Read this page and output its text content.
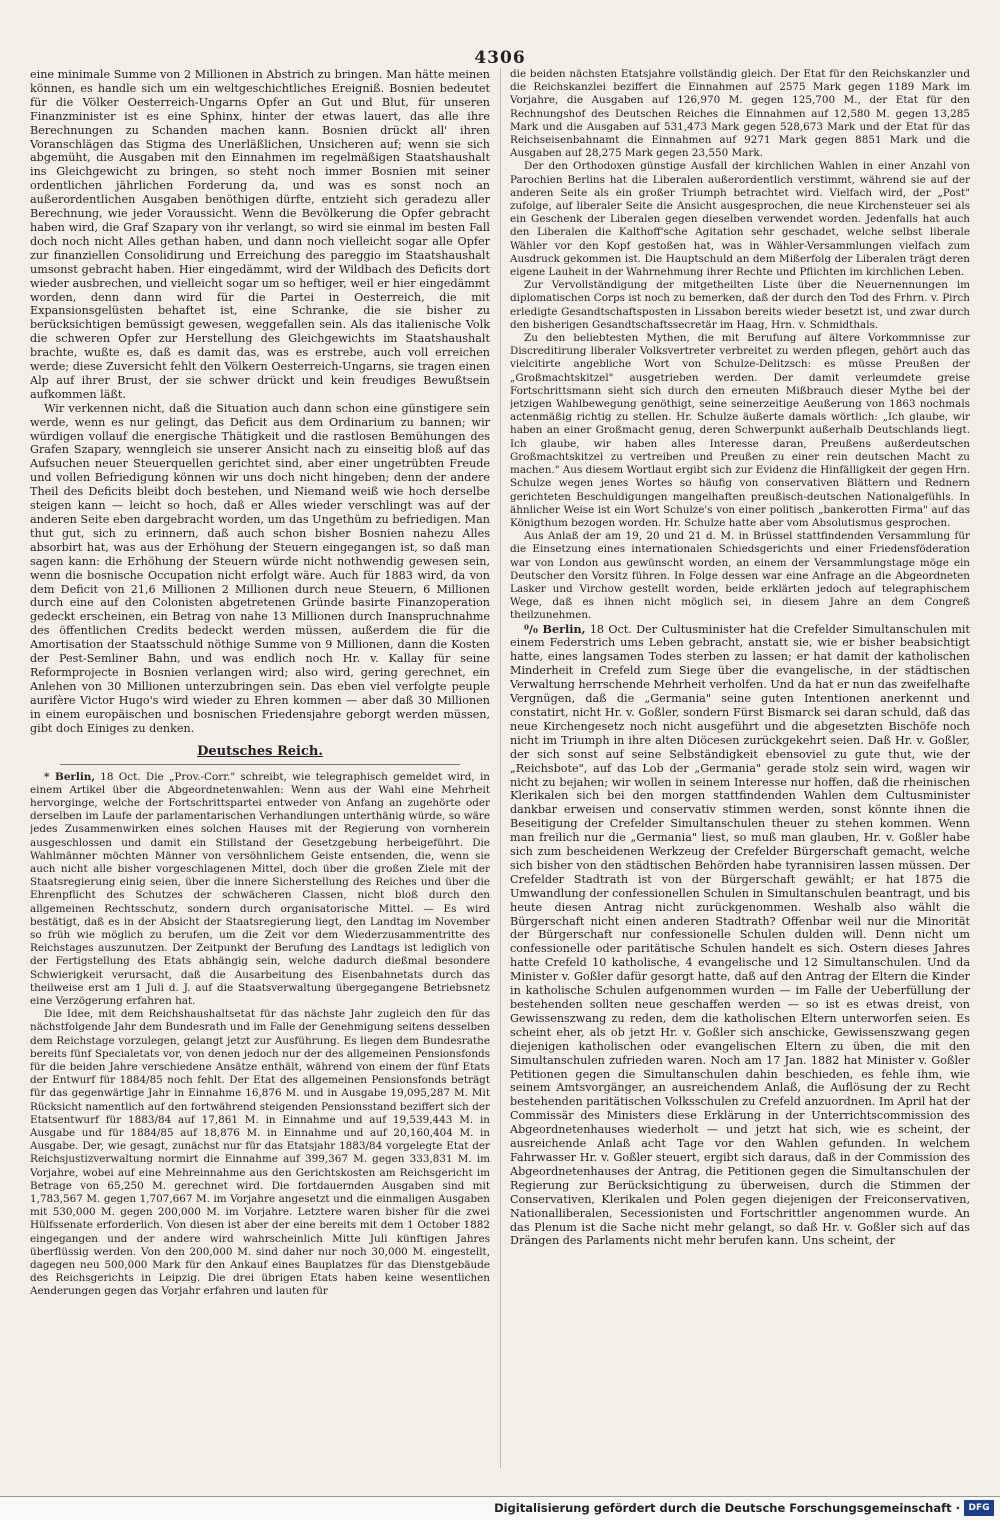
4306

eine minimale Summe von 2 Millionen in Abstrich zu bringen. Man hätte meinen können, es handle sich um ein weltgeschichtliches Ereigniß. Bosnien bedeutet für die Völker Oesterreich-Ungarns Opfer an Gut und Blut, für unseren Finanzminister ist es eine Sphinx, hinter der etwas lauert, das alle ihre Berechnungen zu Schanden machen kann. Bosnien drückt all' ihren Voranschlägen das Stigma des Unerläßlichen, Unsicheren auf; wenn sie sich abgemüht, die Ausgaben mit den Einnahmen im regelmäßigen Staatshaushalt ins Gleichgewicht zu bringen, so steht noch immer Bosnien mit seiner ordentlichen jährlichen Forderung da, und was es sonst noch an außerordentlichen Ausgaben benöthigen dürfte, entzieht sich geradezu aller Berechnung, wie jeder Voraussicht. Wenn die Bevölkerung die Opfer gebracht haben wird, die Graf Szapary von ihr verlangt, so wird sie einmal im besten Fall doch noch nicht Alles gethan haben, und dann noch vielleicht sogar alle Opfer zur finanziellen Consolidirung und Erreichung des pareggio im Staatshaushalt umsonst gebracht haben. Hier eingedämmt, wird der Wildbach des Deficits dort wieder ausbrechen, und vielleicht sogar um so heftiger, weil er hier eingedämmt worden, denn dann wird für die Partei in Oesterreich, die mit Expansionsgelüsten behaftet ist, eine Schranke, die sie bisher zu berücksichtigen bemüssigt gewesen, weggefallen sein. Als das italienische Volk die schweren Opfer zur Herstellung des Gleichgewichts im Staatshaushalt brachte, wußte es, daß es damit das, was es erstrebe, auch voll erreichen werde; diese Zuversicht fehlt den Völkern Oesterreich-Ungarns, sie tragen einen Alp auf ihrer Brust, der sie schwer drückt und kein freudiges Bewußtsein aufkommen läßt.

Wir verkennen nicht, daß die Situation auch dann schon eine günstigere sein werde, wenn es nur gelingt, das Deficit aus dem Ordinarium zu bannen; wir würdigen vollauf die energische Thätigkeit und die rastlosen Bemühungen des Grafen Szapary, wenngleich sie unserer Ansicht nach zu einseitig bloß auf das Aufsuchen neuer Steuerquellen gerichtet sind, aber einer ungetrübten Freude und vollen Befriedigung können wir uns doch nicht hingeben; denn der andere Theil des Deficits bleibt doch bestehen, und Niemand weiß wie hoch derselbe steigen kann — leicht so hoch, daß er Alles wieder verschlingt was auf der anderen Seite eben dargebracht worden, um das Ungethüm zu befriedigen. Man thut gut, sich zu erinnern, daß auch schon bisher Bosnien nahezu Alles absorbirt hat, was aus der Erhöhung der Steuern eingegangen ist, so daß man sagen kann: die Erhöhung der Steuern würde nicht nothwendig gewesen sein, wenn die bosnische Occupation nicht erfolgt wäre. Auch für 1883 wird, da von dem Deficit von 21,6 Millionen 2 Millionen durch neue Steuern, 6 Millionen durch eine auf den Colonisten abgetretenen Gründe basirte Finanzoperation gedeckt erscheinen, ein Betrag von nahe 13 Millionen durch Inanspruchnahme des öffentlichen Credits bedeckt werden müssen, außerdem die für die Amortisation der Staatsschuld nöthige Summe von 9 Millionen, dann die Kosten der Pest-Semliner Bahn, und was endlich noch Hr. v. Kallay für seine Reformprojecte in Bosnien verlangen wird; also wird, gering gerechnet, ein Anlehen von 30 Millionen unterzubringen sein. Das eben viel verfolgte peuple aurifère Victor Hugo's wird wieder zu Ehren kommen — aber daß 30 Millionen in einem europäischen und bosnischen Friedensjahre geborgt werden müssen, gibt doch Einiges zu denken.

Deutsches Reich.

* Berlin, 18 Oct. Die „Prov.-Corr." schreibt, wie telegraphisch gemeldet wird, in einem Artikel über die Abgeordnetenwahlen: Wenn aus der Wahl eine Mehrheit hervorginge, welche der Fortschrittspartei entweder von Anfang an zugehörte oder derselben im Laufe der parlamentarischen Verhandlungen unterthänig würde, so wäre jedes Zusammenwirken eines solchen Hauses mit der Regierung von vornherein ausgeschlossen und damit ein Stillstand der Gesetzgebung herbeigeführt. Die Wahlmänner möchten Männer von versöhnlichem Geiste entsenden, die, wenn sie auch nicht alle bisher vorgeschlagenen Mittel, doch über die großen Ziele mit der Staatsregierung einig seien, über die innere Sicherstellung des Reiches und über die Ehrenpflicht des Schutzes der schwächeren Classen, nicht bloß durch den allgemeinen Rechtsschutz, sondern durch organisatorische Mittel. — Es wird bestätigt, daß es in der Absicht der Staatsregierung liegt, den Landtag im November so früh wie möglich zu berufen, um die Zeit vor dem Wiederzusammentritte des Reichstages auszunutzen. Der Zeitpunkt der Berufung des Landtags ist lediglich von der Fertigstellung des Etats abhängig sein, welche dadurch dießmal besondere Schwierigkeit verursacht, daß die Ausarbeitung des Eisenbahnetats durch das theilweise erst am 1 Juli d. J. auf die Staatsverwaltung übergegangene Betriebsnetz eine Verzögerung erfahren hat.

Die Idee, mit dem Reichshaushaltsetat für das nächste Jahr zugleich den für das nächstfolgende Jahr dem Bundesrath und im Falle der Genehmigung seitens desselben dem Reichstage vorzulegen, gelangt jetzt zur Ausführung. Es liegen dem Bundesrathe bereits fünf Specialetats vor, von denen jedoch nur der des allgemeinen Pensionsfonds für die beiden Jahre verschiedene Ansätze enthält, während von einem der fünf Etats der Entwurf für 1884/85 noch fehlt. Der Etat des allgemeinen Pensionsfonds beträgt für das gegenwärtige Jahr in Einnahme 16,876 M. und in Ausgabe 19,095,287 M. Mit Rücksicht namentlich auf den fortwährend steigenden Pensionsstand beziffert sich der Etatsentwurf für 1883/84 auf 17,861 M. in Einnahme und auf 19,539,443 M. in Ausgabe und für 1884/85 auf 18,876 M. in Einnahme und auf 20,160,404 M. in Ausgabe. Der, wie gesagt, zunächst nur für das Etatsjahr 1883/84 vorgelegte Etat der Reichsjustizverwaltung normirt die Einnahme auf 399,367 M. gegen 333,831 M. im Vorjahre, wobei auf eine Mehreinnahme aus den Gerichtskosten am Reichsgericht im Betrage von 65,250 M. gerechnet wird. Die fortdauernden Ausgaben sind mit 1,783,567 M. gegen 1,707,667 M. im Vorjahre angesetzt und die einmaligen Ausgaben mit 530,000 M. gegen 200,000 M. im Vorjahre. Letztere waren bisher für die zwei Hülfssenate erforderlich. Von diesen ist aber der eine bereits mit dem 1 October 1882 eingegangen und der andere wird wahrscheinlich Mitte Juli künftigen Jahres überflüssig werden. Von den 200,000 M. sind daher nur noch 30,000 M. eingestellt, dagegen neu 500,000 Mark für den Ankauf eines Bauplatzes für das Dienstgebäude des Reichsgerichts in Leipzig. Die drei übrigen Etats haben keine wesentlichen Aenderungen gegen das Vorjahr erfahren und lauten für

die beiden nächsten Etatsjahre vollständig gleich. Der Etat für den Reichskanzler und die Reichskanzlei beziffert die Einnahmen auf 2575 Mark gegen 1189 Mark im Vorjahre, die Ausgaben auf 126,970 M. gegen 125,700 M., der Etat für den Rechnungshof des Deutschen Reiches die Einnahmen auf 12,580 M. gegen 13,285 Mark und die Ausgaben auf 531,473 Mark gegen 528,673 Mark und der Etat für das Reichseisenbahnamt die Einnahmen auf 9271 Mark gegen 8851 Mark und die Ausgaben auf 28,275 Mark gegen 23,550 Mark.

Der den Orthodoxen günstige Ausfall der kirchlichen Wahlen in einer Anzahl von Parochien Berlins hat die Liberalen außerordentlich verstimmt, während sie auf der anderen Seite als ein großer Triumph betrachtet wird. Vielfach wird, der „Post" zufolge, auf liberaler Seite die Ansicht ausgesprochen, die neue Kirchensteuer sei als ein Geschenk der Liberalen gegen dieselben verwendet worden. Jedenfalls hat auch den Liberalen die Kalthoff'sche Agitation sehr geschadet, welche selbst liberale Wähler vor den Kopf gestoßen hat, was in Wähler-Versammlungen vielfach zum Ausdruck gekommen ist. Die Hauptschuld an dem Mißerfolg der Liberalen trägt deren eigene Lauheit in der Wahrnehmung ihrer Rechte und Pflichten im kirchlichen Leben.

Zur Vervollständigung der mitgetheilten Liste über die Neuernennungen im diplomatischen Corps ist noch zu bemerken, daß der durch den Tod des Frhrn. v. Pirch erledigte Gesandtschaftsposten in Lissabon bereits wieder besetzt ist, und zwar durch den bisherigen Gesandtschaftssecretär im Haag, Hrn. v. Schmidthals.

Zu den beliebtesten Mythen, die mit Berufung auf ältere Vorkommnisse zur Discreditirung liberaler Volksvertreter verbreitet zu werden pflegen, gehört auch das vielcitirte angebliche Wort von Schulze-Delitzsch: es müsse Preußen der „Großmachtskitzel" ausgetrieben werden. Der damit verleumdete greise Fortschrittsmann sieht sich durch den erneuten Mißbrauch dieser Mythe bei der jetzigen Wahlbewegung genöthigt, seine seinerzeitige Aeußerung von 1863 nochmals actenmäßig richtig zu stellen. Hr. Schulze äußerte damals wörtlich: „Ich glaube, wir haben an einer Großmacht genug, deren Schwerpunkt außerhalb Deutschlands liegt. Ich glaube, wir haben alles Interesse daran, Preußens außerdeutschen Großmachtskitzel zu vertreiben und Preußen zu einer rein deutschen Macht zu machen." Aus diesem Wortlaut ergibt sich zur Evidenz die Hinfälligkeit der gegen Hrn. Schulze wegen jenes Wortes so häufig von conservativen Blättern und Rednern gerichteten Beschuldigungen mangelhaften preußisch-deutschen Nationalgefühls. In ähnlicher Weise ist ein Wort Schulze's von einer politisch „bankerotten Firma" auf das Königthum bezogen worden. Hr. Schulze hatte aber vom Absolutismus gesprochen.

Aus Anlaß der am 19, 20 und 21 d. M. in Brüssel stattfindenden Versammlung für die Einsetzung eines internationalen Schiedsgerichts und einer Friedensföderation war von London aus gewünscht worden, an einem der Versammlungstage möge ein Deutscher den Vorsitz führen. In Folge dessen war eine Anfrage an die Abgeordneten Lasker und Virchow gestellt worden, beide erklärten jedoch auf telegraphischem Wege, daß es ihnen nicht möglich sei, in diesem Jahre an dem Congreß theilzunehmen.

⁰/₀ Berlin, 18 Oct. Der Cultusminister hat die Crefelder Simultanschulen mit einem Federstrich ums Leben gebracht, anstatt sie, wie er bisher beabsichtigt hatte, eines langsamen Todes sterben zu lassen; er hat damit der katholischen Minderheit in Crefeld zum Siege über die evangelische, in der städtischen Verwaltung herrschende Mehrheit verholfen. Und da hat er nun das zweifelhafte Vergnügen, daß die „Germania" seine guten Intentionen anerkennt und constatirt, nicht Hr. v. Goßler, sondern Fürst Bismarck sei daran schuld, daß das neue Kirchengesetz noch nicht ausgeführt und die abgesetzten Bischöfe noch nicht im Triumph in ihre alten Diöcesen zurückgekehrt seien. Daß Hr. v. Goßler, der sich sonst auf seine Selbständigkeit ebensoviel zu gute thut, wie der „Reichsbote", auf das Lob der „Germania" gerade stolz sein wird, wagen wir nicht zu bejahen; wir wollen in seinem Interesse nur hoffen, daß die rheinischen Klerikalen sich bei den morgen stattfindenden Wahlen dem Cultusminister dankbar erweisen und conservativ stimmen werden, sonst könnte ihnen die Beseitigung der Crefelder Simultanschulen theuer zu stehen kommen. Wenn man freilich nur die „Germania" liest, so muß man glauben, Hr. v. Goßler habe sich zum bescheidenen Werkzeug der Crefelder Bürgerschaft gemacht, welche sich bisher von den städtischen Behörden habe tyrannisiren lassen müssen. Der Crefelder Stadtrath ist von der Bürgerschaft gewählt; er hat 1875 die Umwandlung der confessionellen Schulen in Simultanschulen beantragt, und bis heute diesen Antrag nicht zurückgenommen. Weshalb also wählt die Bürgerschaft nicht einen anderen Stadtrath? Offenbar weil nur die Minorität der Bürgerschaft nur confessionelle Schulen dulden will. Denn nicht um confessionelle oder paritätische Schulen handelt es sich. Ostern dieses Jahres hatte Crefeld 10 katholische, 4 evangelische und 12 Simultanschulen. Und da Minister v. Goßler dafür gesorgt hatte, daß auf den Antrag der Eltern die Kinder in katholische Schulen aufgenommen wurden — im Falle der Ueberfüllung der bestehenden sollten neue geschaffen werden — so ist es etwas dreist, von Gewissenszwang zu reden, dem die katholischen Eltern unterworfen seien. Es scheint eher, als ob jetzt Hr. v. Goßler sich anschicke, Gewissenszwang gegen diejenigen katholischen oder evangelischen Eltern zu üben, die mit den Simultanschulen zufrieden waren. Noch am 17 Jan. 1882 hat Minister v. Goßler Petitionen gegen die Simultanschulen dahin beschieden, es fehle ihm, wie seinem Amtsvorgänger, an ausreichendem Anlaß, die Auflösung der zu Recht bestehenden paritätischen Volksschulen zu Crefeld anzuordnen. Im April hat der Commissär des Ministers diese Erklärung in der Unterrichtscommission des Abgeordnetenhauses wiederholt — und jetzt hat sich, wie es scheint, der ausreichende Anlaß acht Tage vor den Wahlen gefunden. In welchem Fahrwasser Hr. v. Goßler steuert, ergibt sich daraus, daß in der Commission des Abgeordnetenhauses der Antrag, die Petitionen gegen die Simultanschulen der Regierung zur Berücksichtigung zu überweisen, durch die Stimmen der Conservativen, Klerikalen und Polen gegen diejenigen der Freiconservativen, Nationalliberalen, Secessionisten und Fortschrittler angenommen wurde. An das Plenum ist die Sache nicht mehr gelangt, so daß Hr. v. Goßler sich auf das Drängen des Parlaments nicht mehr berufen kann. Uns scheint, der

Digitalisierung gefördert durch die Deutsche Forschungsgemeinschaft · DFG
